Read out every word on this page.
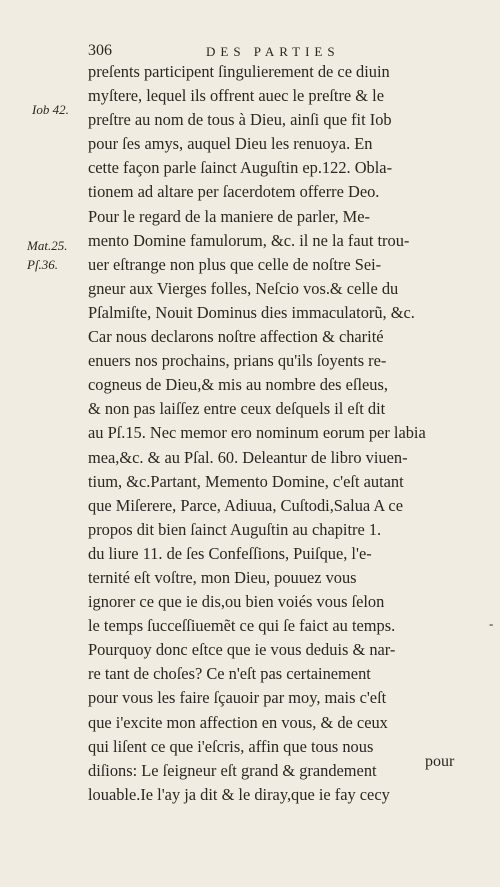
306	DES PARTIES
Iob 42.
Mat.25.
Pſ.36.
-
preſents participent ſingulierement de ce diuin
myſtere, lequel ils offrent auec le preſtre & le
preſtre au nom de tous à Dieu, ainſi que fit Iob
pour ſes amys, auquel Dieu les renuoya. En
cette façon parle ſainct Auguſtin ep.122. Obla-
tionem ad altare per ſacerdotem offerre Deo.
Pour le regard de la maniere de parler, Me-
mento Domine famulorum, &c. il ne la faut trou-
uer eſtrange non plus que celle de noſtre Sei-
gneur aux Vierges folles, Neſcio vos.& celle du
Pſalmiſte, Nouit Dominus dies immaculatorũ, &c.
Car nous declarons noſtre affection & charité
enuers nos prochains, prians qu'ils ſoyents re-
cogneus de Dieu,& mis au nombre des eſleus,
& non pas laiſſez entre ceux deſquels il eſt dit
au Pſ.15. Nec memor ero nominum eorum per labia
mea,&c. & au Pſal. 60. Deleantur de libro viuen-
tium, &c.Partant, Memento Domine, c'eſt autant
que Miſerere, Parce, Adiuua, Cuſtodi,Salua A ce
propos dit bien ſainct Auguſtin au chapitre 1.
du liure 11. de ſes Confeſſions, Puiſque, l'e-
ternité eſt voſtre, mon Dieu, pouuez vous
ignorer ce que ie dis,ou bien voiés vous ſelon
le temps ſucceſſiuemẽt ce qui ſe faict au temps.
Pourquoy donc eſtce que ie vous deduis & nar-
re tant de choſes? Ce n'eſt pas certainement
pour vous les faire ſçauoir par moy, mais c'eſt
que i'excite mon affection en vous, & de ceux
qui liſent ce que i'eſcris, affin que tous nous
diſions: Le ſeigneur eſt grand & grandement
louable.Ie l'ay ja dit & le diray,que ie fay cecy
pour
